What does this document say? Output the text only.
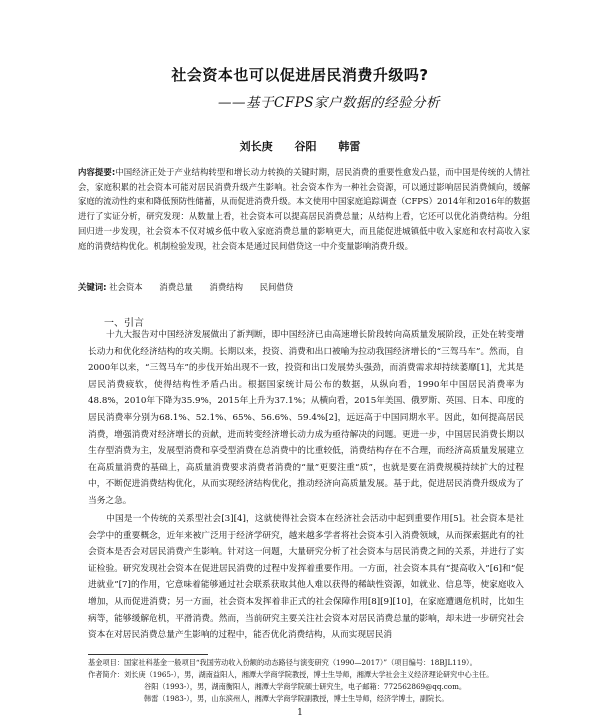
社会资本也可以促进居民消费升级吗?
——基于CFPS家户数据的经验分析
刘长庚 谷阳 韩雷
内容提要:中国经济正处于产业结构转型和增长动力转换的关键时期，居民消费的重要性愈发凸显，而中国是传统的人情社会，家庭积累的社会资本可能对居民消费升级产生影响。社会资本作为一种社会资源，可以通过影响居民消费倾向，缓解家庭的流动性约束和降低预防性储蓄，从而促进消费升级。本文使用中国家庭追踪调查（CFPS）2014年和2016年的数据进行了实证分析，研究发现：从数量上看，社会资本可以提高居民消费总量；从结构上看，它还可以优化消费结构。分组回归进一步发现，社会资本不仅对城乡低中收入家庭消费总量的影响更大，而且能促进城镇低中收入家庭和农村高收入家庭的消费结构优化。机制检验发现，社会资本是通过民间借贷这一中介变量影响消费升级。
关键词: 社会资本 消费总量 消费结构 民间借贷
一、引言
十九大报告对中国经济发展做出了新判断，即中国经济已由高速增长阶段转向高质量发展阶段，正处在转变增长动力和优化经济结构的攻关期。长期以来，投资、消费和出口被喻为拉动我国经济增长的“三驾马车”。然而，自2000年以来，“三驾马车”的步伐开始出现不一致，投资和出口发展势头强劲，而消费需求却持续萎靡[1]，尤其是居民消费疲软，使得结构性矛盾凸出。根据国家统计局公布的数据，从纵向看，1990年中国居民消费率为48.8%，2010年下降为35.9%，2015年上升为37.1%；从横向看，2015年美国、俄罗斯、英国、日本、印度的居民消费率分别为68.1%、52.1%、65%、56.6%、59.4%[2]，远远高于中国同期水平。因此，如何提高居民消费，增强消费对经济增长的贡献，进而转变经济增长动力成为亟待解决的问题。更进一步，中国居民消费长期以生存型消费为主，发展型消费和享受型消费在总消费中的比重较低，消费结构存在不合理，而经济高质量发展建立在高质量消费的基础上，高质量消费要求消费者消费的“量”更要注重“质”，也就是要在消费规模持续扩大的过程中，不断促进消费结构优化，从而实现经济结构优化，推动经济向高质量发展。基于此，促进居民消费升级成为了当务之急。
中国是一个传统的关系型社会[3][4]，这就使得社会资本在经济社会活动中起到重要作用[5]。社会资本是社会学中的重要概念，近年来被广泛用于经济学研究，越来越多学者将社会资本引入消费领域，从而探索据此有的社会资本是否会对居民消费产生影响。针对这一问题，大量研究分析了社会资本与居民消费之间的关系，并进行了实证检验。研究发现社会资本在促进居民消费的过程中发挥着重要作用。一方面，社会资本具有“提高收入”[6]和“促进就业”[7]的作用，它意味着能够通过社会联系获取其他人难以获得的稀缺性资源，如就业、信息等，使家庭收入增加，从而促进消费；另一方面，社会资本发挥着非正式的社会保障作用[8][9][10]，在家庭遭遇危机时，比如生病等，能够缓解危机，平滑消费。然而，当前研究主要关注社会资本对居民消费总量的影响，却未进一步研究社会资本在对居民消费总量产生影响的过程中，能否优化消费结构，从而实现居民消
基金项目：国家社科基金一般项目“我国劳动收入份额的动态路径与演变研究（1990—2017）”（项目编号：18BJL119）。
作者简介：刘长庚（1965-），男，湖南益阳人，湘潭大学商学院教授，博士生导师，湘潭大学社会主义经济理论研究中心主任。
谷阳（1993-），男，湖南衡阳人，湘潭大学商学院硕士研究生，电子邮箱：772562869@qq.com。
韩雷（1983-），男，山东滨州人，湘潭大学商学院副教授，博士生导师，经济学博士，副院长。
1
